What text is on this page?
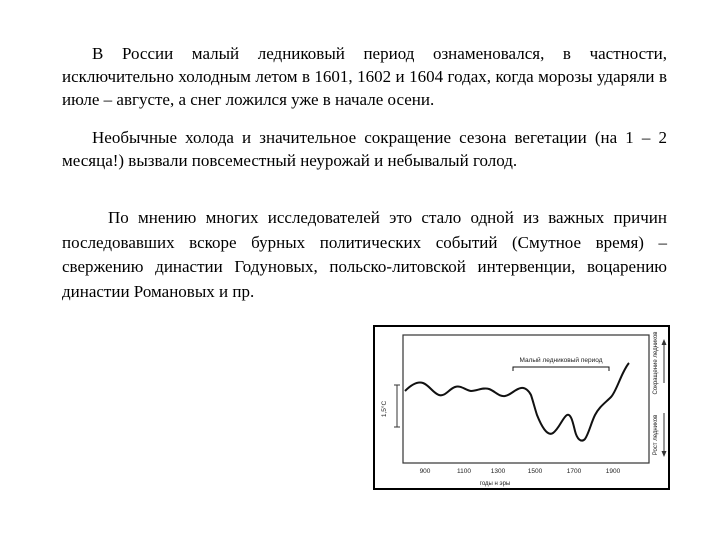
В России малый ледниковый период ознаменовался, в частности, исключительно холодным летом в 1601, 1602 и 1604 годах, когда морозы ударяли в июле – августе, а снег ложился уже в начале осени.

Необычные холода и значительное сокращение сезона вегетации (на 1 – 2 месяца!) вызвали повсеместный неурожай и небывалый голод.

По мнению многих исследователей это стало одной из важных причин последовавших вскоре бурных политических событий (Смутное время) – свержению династии Годуновых, польско-литовской интервенции, воцарению династии Романовых и пр.

1,5°C
Малый ледниковый период	Сокращение ледников
Рост ледников
900	1100	1300	1500	1700	1900
годы н эры
